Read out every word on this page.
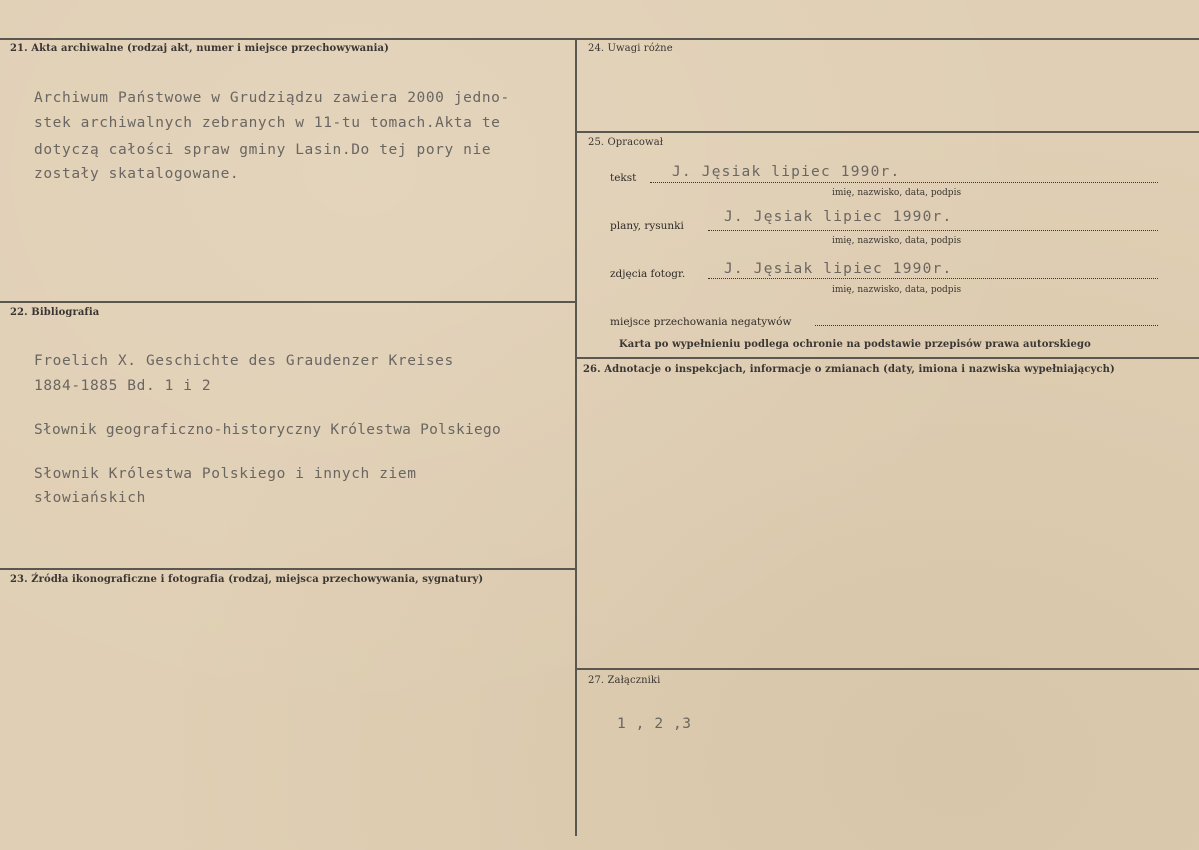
21. Akta archiwalne (rodzaj akt, numer i miejsce przechowywania)
Archiwum Państwowe w Grudziądzu zawiera 2000 jedno-
stek archiwalnych zebranych w 11-tu tomach.Akta te
dotyczą całości spraw gminy Lasin.Do tej pory nie
zostały skatalogowane.
22. Bibliografia
Froelich X. Geschichte des Graudenzer Kreises
1884-1885 Bd. 1 i 2
Słownik geograficzno-historyczny Królestwa Polskiego
Słownik Królestwa Polskiego i innych ziem
słowiańskich
23. Źródła ikonograficzne i fotografia (rodzaj, miejsca przechowywania, sygnatury)
24. Uwagi różne
25. Opracował
tekst J. Jęsiak lipiec 1990r.
imię, nazwisko, data, podpis
plany, rysunki
J. Jęsiak lipiec 1990r.
imię, nazwisko, data, podpis
zdjęcia fotogr.	J. Jęsiak lipiec 1990r.
imię, nazwisko, data, podpis
miejsce przechowania negatywów
Karta po wypełnieniu podlega ochronie na podstawie przepisów prawa autorskiego
26. Adnotacje o inspekcjach, informacje o zmianach (daty, imiona i nazwiska wypełniających)
27. Załączniki
1 , 2 ,3
